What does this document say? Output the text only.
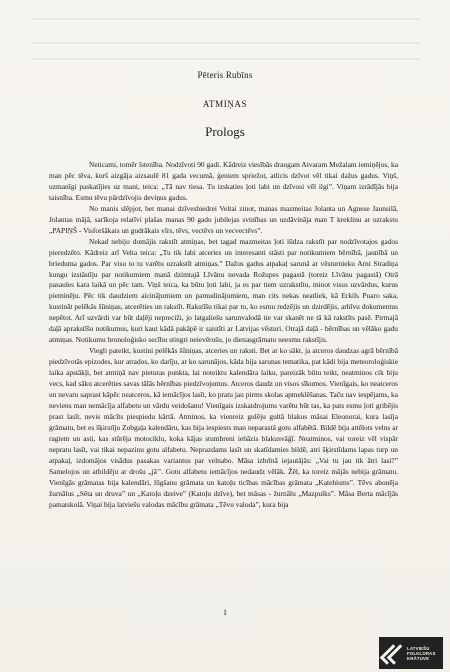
Pēteris Rubīns
ATMIŅAS
Prologs

Neticami, tomēr īstenība. Nodzīvoti 90 gadi. Kādreiz viesībās draugam Aivaram Mežalam iemiņējos, ka man pēc tēva, kurš aizgāja aizsaulē 81 gada vecumā, ģeniem spriežot, atlicis dzīvot vēl tikai dažus gadus. Viņš, uzmanīgi paskatījies uz mani, teica: „Tā nav tiesa. Tu izskaties ļoti labi un dzīvosi vēl ilgi”. Viņam izrādījās bija taisnība. Esmu tēvu pārdzīvojis deviņus gadus.

No manis slēpjot, bet manai dzīvesbiedrei Veltai zinot, manas mazmeitas Jolanta un Agnese Jaunsilā, Jolantas mājā, sarīkoja relatīvi plašas manas 90 gadu jubilejas svinības un uzdāvināja man T kreklinu ar uzrakstu „PAPIŅŠ - Visforšākais un gudrākais vīrs, tēvs, vectēvs un vecvectēvs”.

Nekad nebiju domājis rakstīt atmiņas, bet tagad mazmeitas ļoti lūdza rakstīt par nodzīvotajos gados pieredzēto. Kādreiz arī Velta teica: „Tu tik labi atceries un interesanti stāsti par notikumiem bērnībā, jaunībā un brieduma gados. Par visu to tu varētu uzrakstīt atmiņas.” Dažus gadus atpakaļ sarunā ar vēsturnieku Arni Stradiņa kungu izstāstīju par notikumiem manā dzimtajā Līvānu novada Rožupes pagastā (toreiz Līvānu pagastā) Otrā pasaules kara laikā un pēc tam. Viņš teica, ka būtu ļoti labi, ja es par tiem uzrakstītu, minot visus uzvārdus, kurus pieminēju. Pēc tik daudziem aicinājumiem un pamudinājumiem, man cits nekas neatliek, kā Erkils Puaro saka, kustināt pelēkās šūniņas, atcerēties un rakstīt. Rakstīšu tikai par to, ko esmu redzējis un dzirdējis, arhīvu dokumentus nepētot. Arī uzvārdi var būt daļēji nepreciži, jo latgaliešu sarunvalodā tie var skanēt ne tā kā rakstīts pasē. Pirmajā daļā aprakstīšu notikumus, kuri kaut kādā pakāpē ir saistīti ar Latvijas vēsturi. Otrajā daļā - bērnības un vēlāko gadu atmiņas. Notikumu hronoloģisko secību stingri neievērošu, jo dienasgrāmatu neesmu rakstījis.

Viegli pateikt, kustini pelēkās šūniņas, atceries un raksti. Bet ar ko sākt, ja atceros daudzas agrā bērnībā piedzīvotās epizodes, kur atrados, ko darīju, ar ko sarunājos, kāda bija sarunas tematika, pat kādi bija meteoroloģiskie laika apstākļi, bet atmiņā nav pieturas punkta, lai noteiktu kalendāra laiku, pareizāk būtu teikt, neatminos cik biju vecs, kad sāku atcerēties savas tālās bērnības piedzīvojumus. Atceros daudz un visos sīkumos. Vienīgais, ko neatceros un nevaru saprast kāpēc neatceros, kā iemācījos lasīt, ko pratu jau pirms skolas apmeklēšanas. Taču nav iespējams, ka neviens man nemācīja alfabetu un vārdu veidošanu! Vienīgais izskaidrojums varētu būt tas, ka pats esmu ļoti gribējis prast lasīt, nevis mācīts piespiedu kārtā. Atminos, ka vienreiz gulēju gultā blakus māsai Eleonorai, kura lasīja grāmatu, bet es šķirstīju Zobgaļa kalendāru, kas bija iespiests man neparastā gotu alfabētā. Bildē bija attēlots velns ar ragiem un asti, kas stūrēja motociklu, koka kājas stumbreni iebāzis blakusvāģī. Neatminos, vai toreiz vēl vispār nepratu lasīt, vai tikai nepazinu gotu alfabetu. Neprazdams lasīt un skatīdamies bildē, atri šķirstīdams lapas turp un atpakaļ, izdomājos visādus pasakas variantus par velnabo. Māsa izbrīnā iejautājās: „Vai tu jau tik ātri lasi?” Samelojos un atbildēju ar drošu „jā’’. Gotu alfabetu iemācījos nedaudz vēlāk. Žēl, ka toreiz mājās nebija grāmatu. Vienīgās grāmatas bija kalendāri, lūgšanu grāmata un katoļu ticības mācības grāmata „Katehisms”. Tēvs abonēja žurnālus „Sēta un druva” un „Katoļu dzeive” (Katoļu dzīve), bet māsas - žurnālu „Mazpulks”. Māsa Berta mācījās pamatskolā. Viņai bija latviešu valodas mācību grāmata „Tēvu valoda”, kura bija

1
LATVIEŠU
FOLKLORAS
KRĀTUVE
